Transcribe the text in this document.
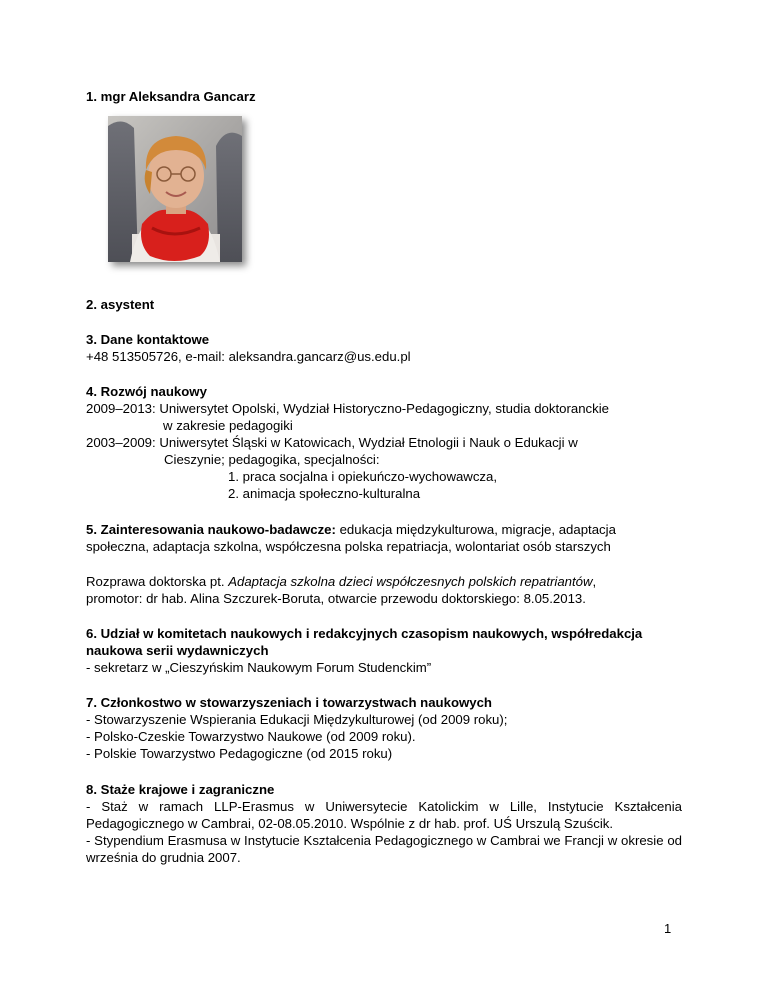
1. mgr Aleksandra Gancarz
2. asystent

3. Dane kontaktowe

+48 513505726, e-mail: aleksandra.gancarz@us.edu.pl

4. Rozwój naukowy

2009–2013: Uniwersytet Opolski, Wydział Historyczno-Pedagogiczny, studia doktoranckie

w zakresie pedagogiki

2003–2009: Uniwersytet Śląski w Katowicach, Wydział Etnologii i Nauk o Edukacji w

Cieszynie; pedagogika, specjalności:

1. praca socjalna i opiekuńczo-wychowawcza,

2. animacja społeczno-kulturalna

5. Zainteresowania naukowo-badawcze: edukacja międzykulturowa, migracje, adaptacja społeczna, adaptacja szkolna, współczesna polska repatriacja, wolontariat osób starszych

Rozprawa doktorska pt. Adaptacja szkolna dzieci współczesnych polskich repatriantów,

promotor: dr hab. Alina Szczurek-Boruta, otwarcie przewodu doktorskiego: 8.05.2013.

6. Udział w komitetach naukowych i redakcyjnych czasopism naukowych, współredakcja naukowa serii wydawniczych

- sekretarz w „Cieszyńskim Naukowym Forum Studenckim”

7. Członkostwo w stowarzyszeniach i towarzystwach naukowych

- Stowarzyszenie Wspierania Edukacji Międzykulturowej (od 2009 roku);

- Polsko-Czeskie Towarzystwo Naukowe (od 2009 roku).

- Polskie Towarzystwo Pedagogiczne (od 2015 roku)

8. Staże krajowe i zagraniczne

- Staż w ramach LLP-Erasmus w Uniwersytecie Katolickim w Lille, Instytucie Kształcenia Pedagogicznego w Cambrai, 02-08.05.2010. Wspólnie z dr hab. prof. UŚ Urszulą Szuścik.

- Stypendium Erasmusa w Instytucie Kształcenia Pedagogicznego w Cambrai we Francji w okresie od września do grudnia 2007.

1
